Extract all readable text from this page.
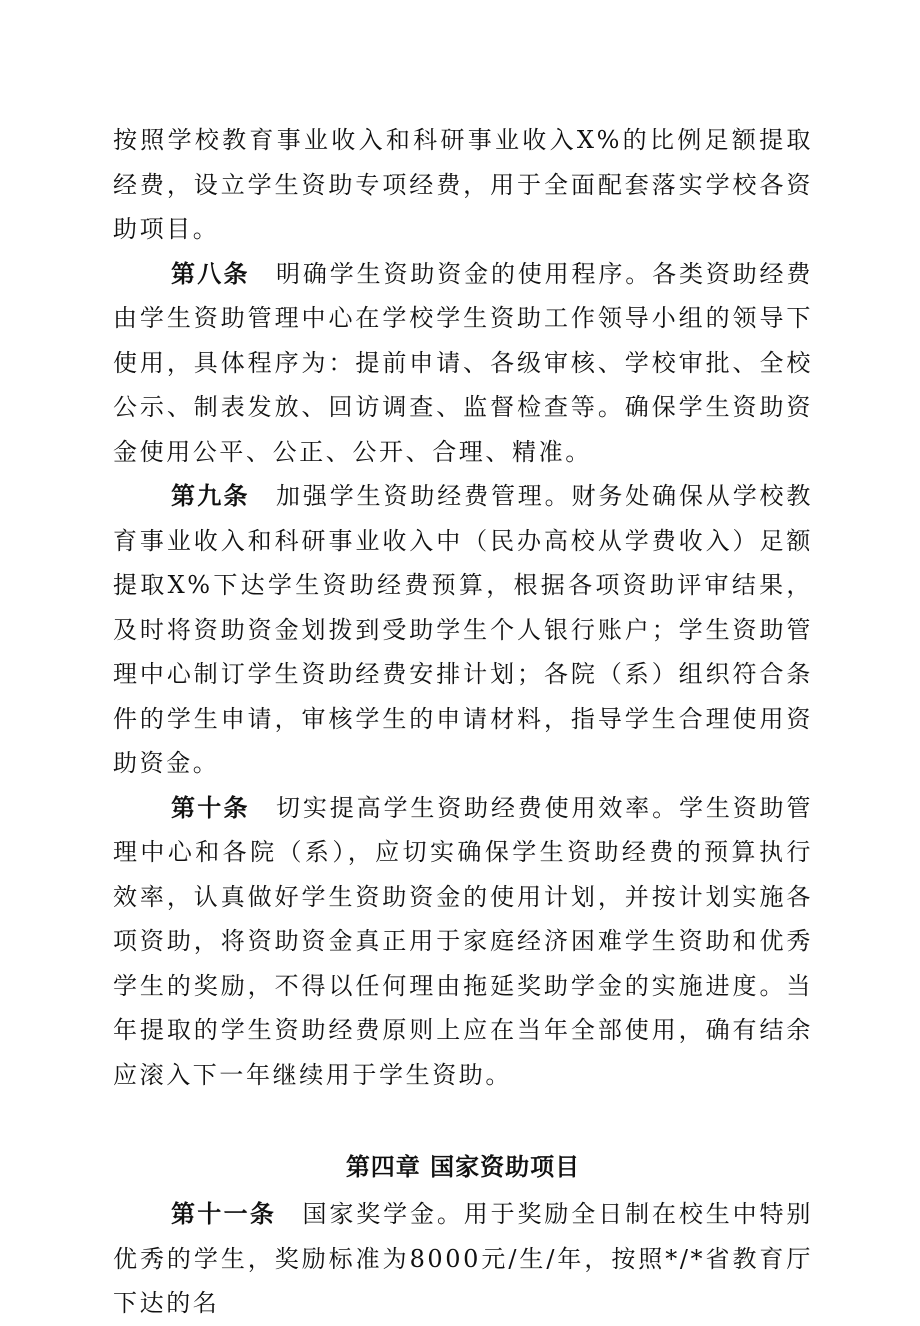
按照学校教育事业收入和科研事业收入X%的比例足额提取经费，设立学生资助专项经费，用于全面配套落实学校各资助项目。

第八条 明确学生资助资金的使用程序。各类资助经费由学生资助管理中心在学校学生资助工作领导小组的领导下使用，具体程序为：提前申请、各级审核、学校审批、全校公示、制表发放、回访调查、监督检查等。确保学生资助资金使用公平、公正、公开、合理、精准。

第九条 加强学生资助经费管理。财务处确保从学校教育事业收入和科研事业收入中（民办高校从学费收入）足额提取X%下达学生资助经费预算，根据各项资助评审结果，及时将资助资金划拨到受助学生个人银行账户；学生资助管理中心制订学生资助经费安排计划；各院（系）组织符合条件的学生申请，审核学生的申请材料，指导学生合理使用资助资金。

第十条 切实提高学生资助经费使用效率。学生资助管理中心和各院（系），应切实确保学生资助经费的预算执行效率，认真做好学生资助资金的使用计划，并按计划实施各项资助，将资助资金真正用于家庭经济困难学生资助和优秀学生的奖励，不得以任何理由拖延奖助学金的实施进度。当年提取的学生资助经费原则上应在当年全部使用，确有结余应滚入下一年继续用于学生资助。

第四章 国家资助项目

第十一条 国家奖学金。用于奖励全日制在校生中特别优秀的学生，奖励标准为8000元/生/年，按照*/*省教育厅下达的名
